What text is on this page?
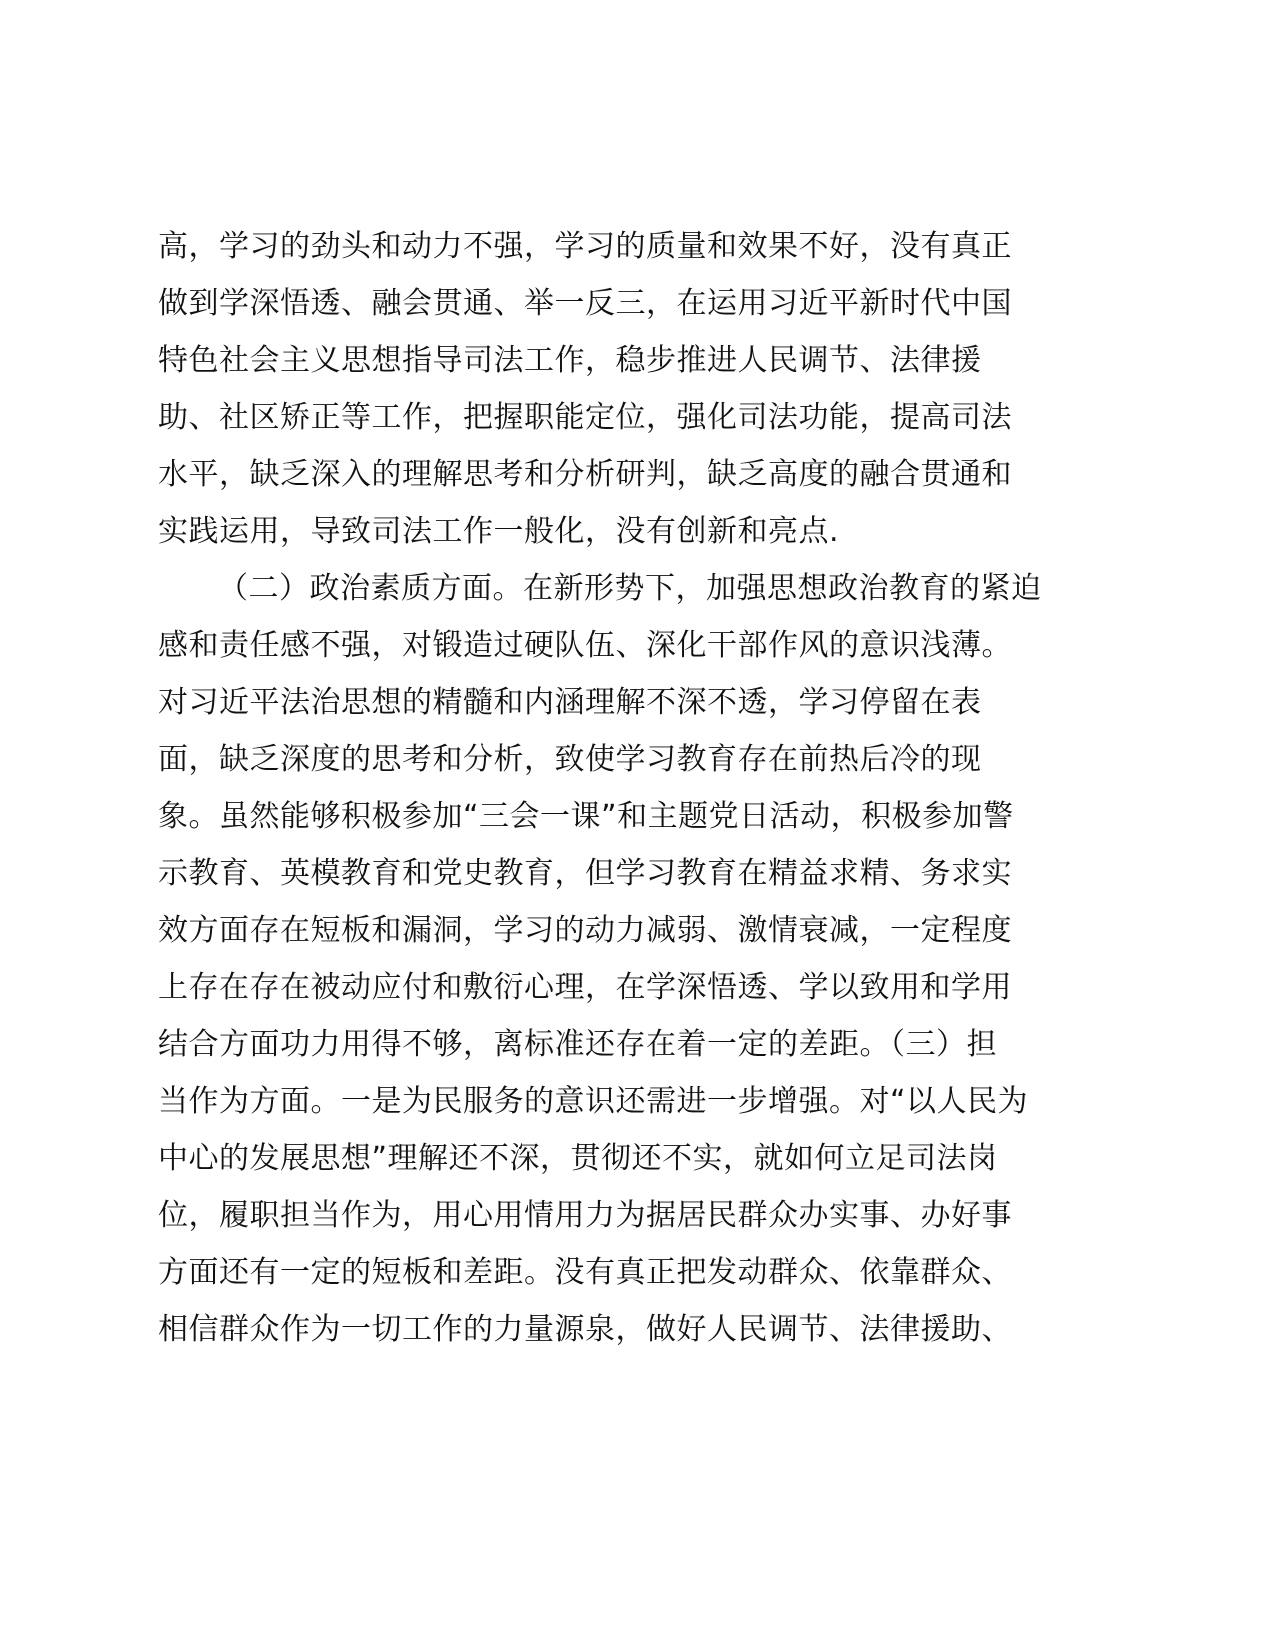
高，学习的劲头和动力不强，学习的质量和效果不好，没有真正
做到学深悟透、融会贯通、举一反三，在运用习近平新时代中国
特色社会主义思想指导司法工作，稳步推进人民调节、法律援
助、社区矫正等工作，把握职能定位，强化司法功能，提高司法
水平，缺乏深入的理解思考和分析研判，缺乏高度的融合贯通和
实践运用，导致司法工作一般化，没有创新和亮点.
（二）政治素质方面。在新形势下，加强思想政治教育的紧迫
感和责任感不强，对锻造过硬队伍、深化干部作风的意识浅薄。
对习近平法治思想的精髓和内涵理解不深不透，学习停留在表
面，缺乏深度的思考和分析，致使学习教育存在前热后冷的现
象。虽然能够积极参加“三会一课”和主题党日活动，积极参加警
示教育、英模教育和党史教育，但学习教育在精益求精、务求实
效方面存在短板和漏洞，学习的动力减弱、激情衰减，一定程度
上存在存在被动应付和敷衍心理，在学深悟透、学以致用和学用
结合方面功力用得不够，离标准还存在着一定的差距。（三）担
当作为方面。一是为民服务的意识还需进一步增强。对“以人民为
中心的发展思想”理解还不深，贯彻还不实，就如何立足司法岗
位，履职担当作为，用心用情用力为据居民群众办实事、办好事
方面还有一定的短板和差距。没有真正把发动群众、依靠群众、
相信群众作为一切工作的力量源泉，做好人民调节、法律援助、
